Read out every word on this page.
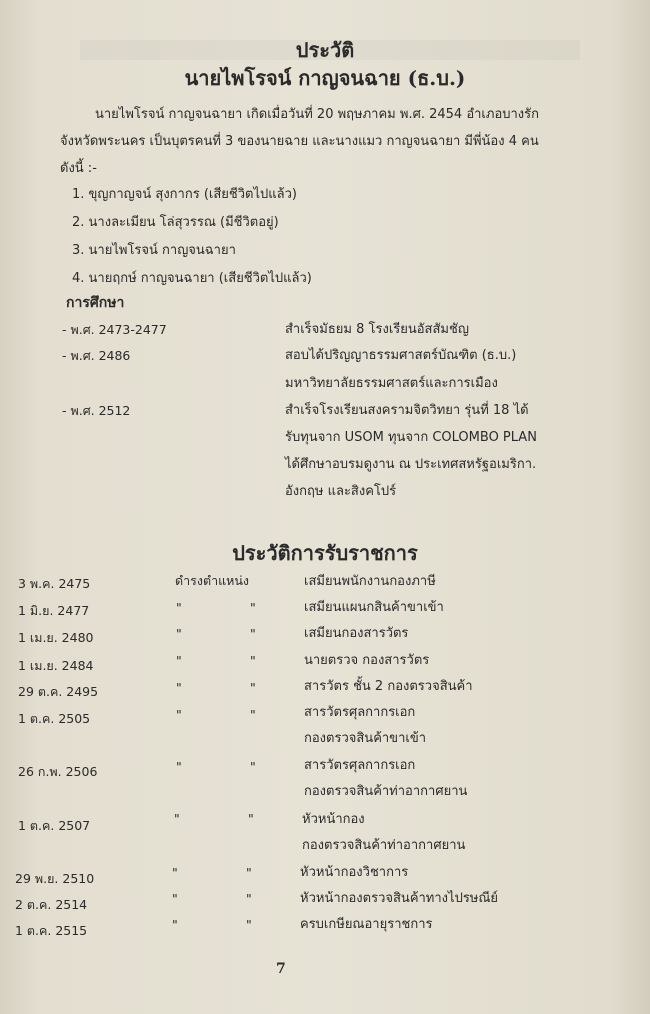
ประวัติ
นายไพโรจน์ กาญจนฉาย (ธ.บ.)
นายไพโรจน์ กาญจนฉายา เกิดเมื่อวันที่ 20 พฤษภาคม พ.ศ. 2454 อำเภอบางรัก
จังหวัดพระนคร เป็นบุตรคนที่ 3 ของนายฉาย และนางแมว กาญจนฉายา มีพี่น้อง 4 คน
ดังนี้ :-
1. ขุญกาญจน์ สุงกากร (เสียชีวิตไปแล้ว)
2. นางละเมียน โล่สุวรรณ (มีชีวิตอยู่)
3. นายไพโรจน์ กาญจนฉายา
4. นายฤกษ์ กาญจนฉายา (เสียชีวิตไปแล้ว)
การศึกษา
- พ.ศ. 2473-2477	สำเร็จมัธยม 8 โรงเรียนอัสสัมชัญ
- พ.ศ. 2486	สอบได้ปริญญาธรรมศาสตร์บัณฑิต (ธ.บ.)
มหาวิทยาลัยธรรมศาสตร์และการเมือง
- พ.ศ. 2512	สำเร็จโรงเรียนสงครามจิตวิทยา รุ่นที่ 18 ได้
รับทุนจาก USOM ทุนจาก COLOMBO PLAN
ได้ศึกษาอบรมดูงาน ณ ประเทศสหรัฐอเมริกา.
อังกฤษ และสิงคโปร์
ประวัติการรับราชการ
3 พ.ค. 2475	ดำรงตำแหน่ง	เสมียนพนักงานกองภาษี
1 มิ.ย. 2477	"	"	เสมียนแผนกสินค้าขาเข้า
1 เม.ย. 2480	"	"	เสมียนกองสารวัตร
1 เม.ย. 2484	"	"	นายตรวจ กองสารวัตร
29 ต.ค. 2495	"	"	สารวัตร ชั้น 2 กองตรวจสินค้า
1 ต.ค. 2505	"	"	สารวัตรศุลกากรเอก
กองตรวจสินค้าขาเข้า
26 ก.พ. 2506	"	"	สารวัตรศุลกากรเอก
กองตรวจสินค้าท่าอากาศยาน
1 ต.ค. 2507	"	"	หัวหน้ากอง
กองตรวจสินค้าท่าอากาศยาน
29 พ.ย. 2510	"	"	หัวหน้ากองวิชาการ
2 ต.ค. 2514	"	"	หัวหน้ากองตรวจสินค้าทางไปรษณีย์
1 ต.ค. 2515	"	"	ครบเกษียณอายุราชการ
7
